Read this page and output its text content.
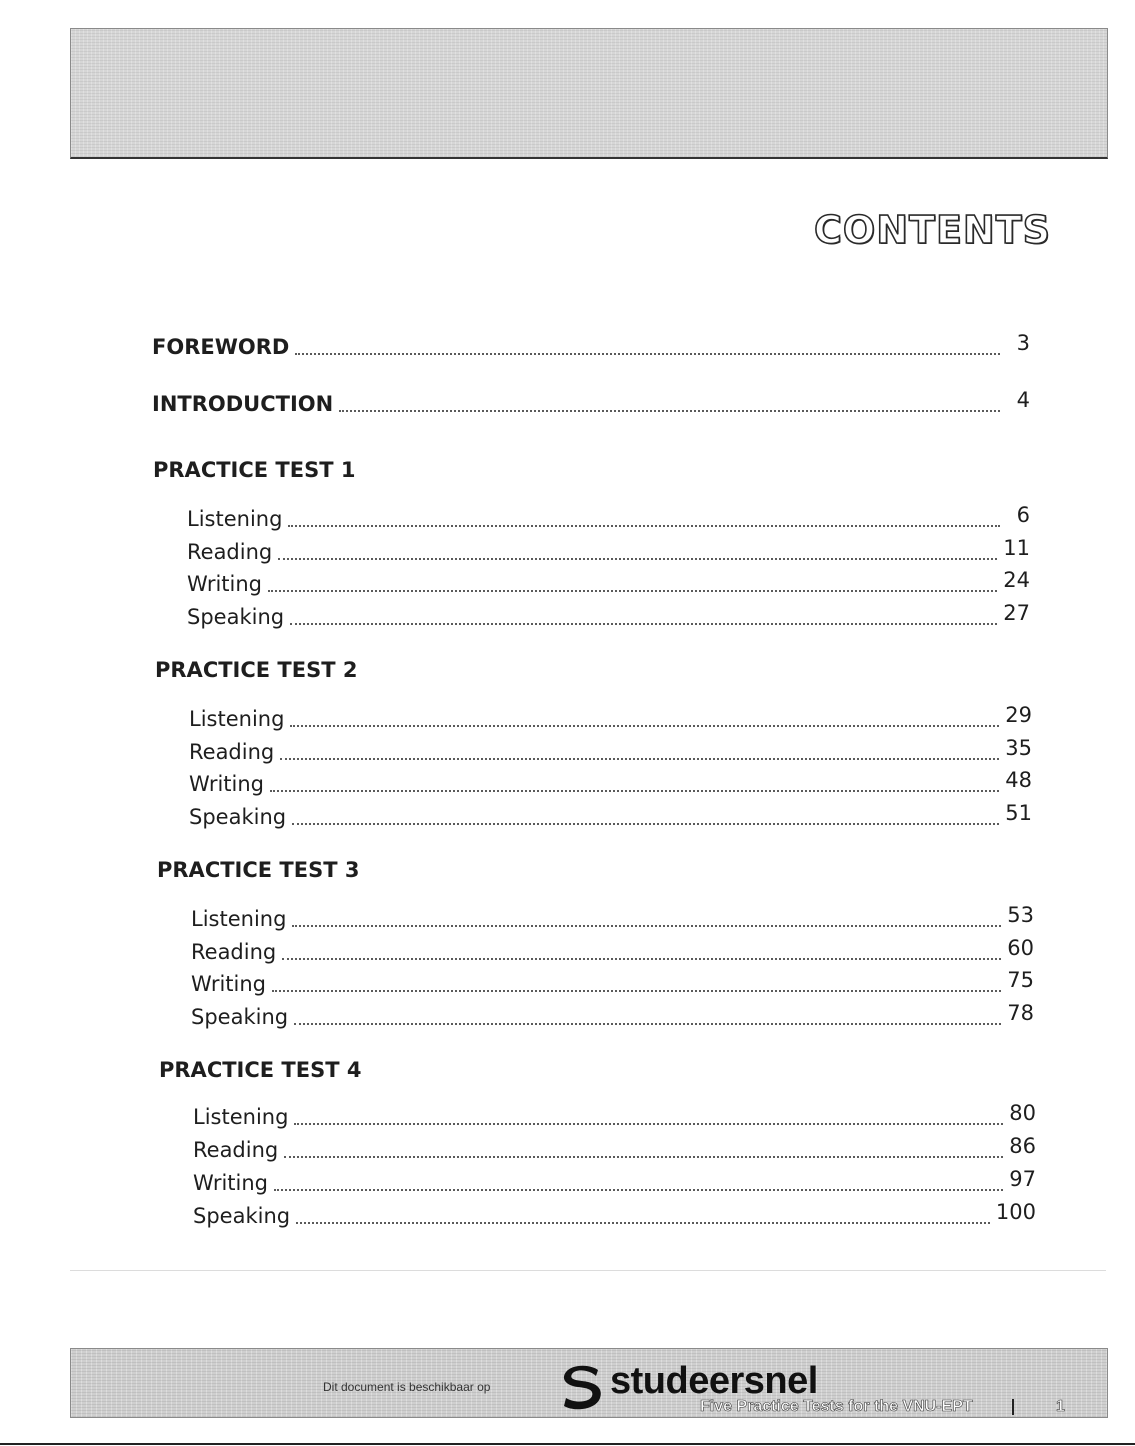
CONTENTS
FOREWORD	3
INTRODUCTION	4
PRACTICE TEST 1
Listening	6
Reading	11
Writing	24
Speaking	27
PRACTICE TEST 2
Listening	29
Reading	35
Writing	48
Speaking	51
PRACTICE TEST 3
Listening	53
Reading	60
Writing	75
Speaking	78
PRACTICE TEST 4
Listening	80
Reading	86
Writing	97
Speaking	100
Dit document is beschikbaar op	studeersnel
Five Practice Tests for the VNU-EPT	1
